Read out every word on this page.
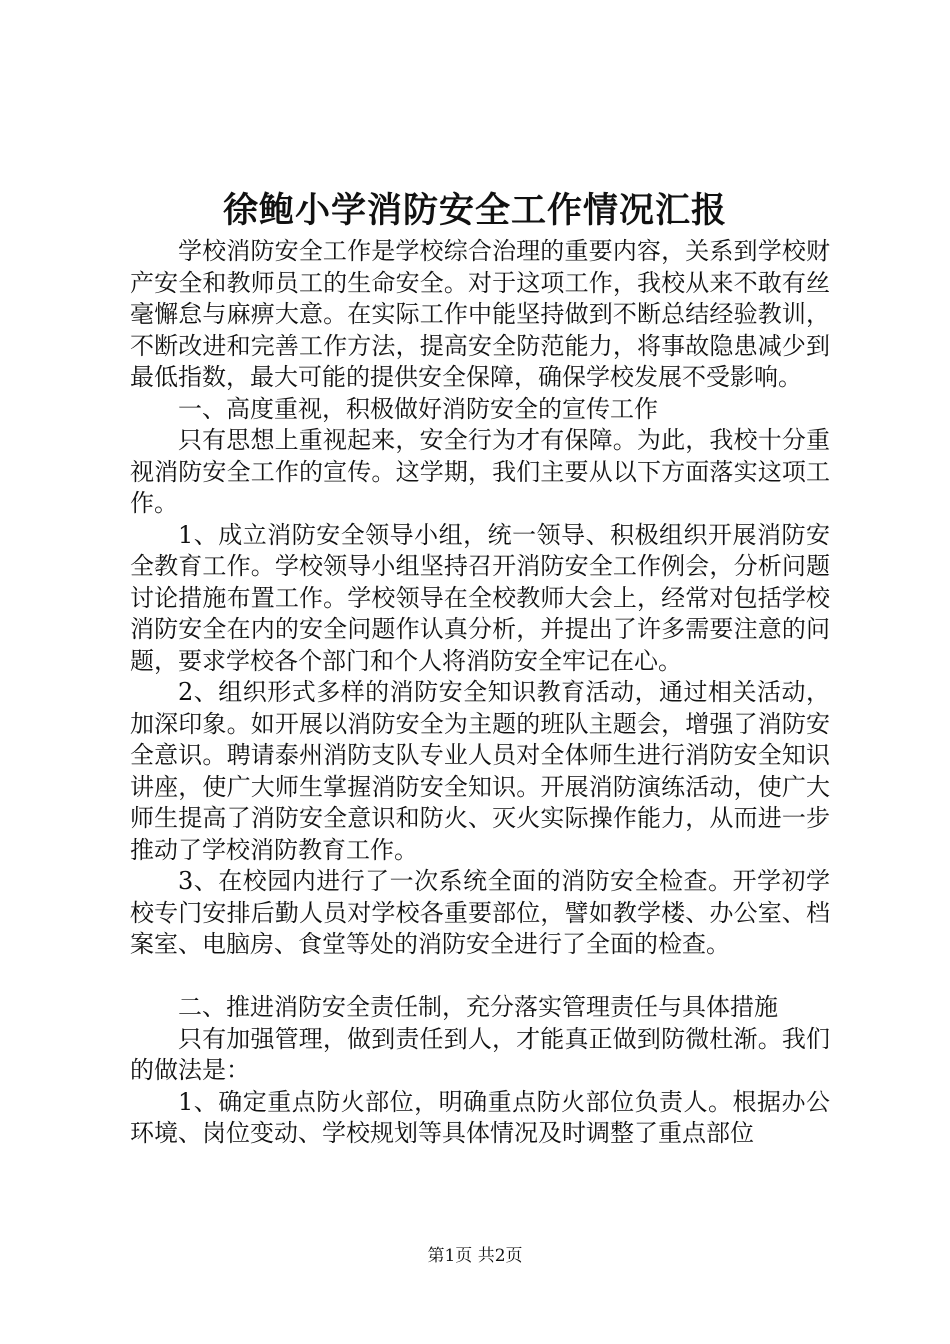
徐鲍小学消防安全工作情况汇报

学校消防安全工作是学校综合治理的重要内容，关系到学校财产安全和教师员工的生命安全。对于这项工作，我校从来不敢有丝毫懈怠与麻痹大意。在实际工作中能坚持做到不断总结经验教训，不断改进和完善工作方法，提高安全防范能力，将事故隐患减少到最低指数，最大可能的提供安全保障，确保学校发展不受影响。

一、高度重视，积极做好消防安全的宣传工作

只有思想上重视起来，安全行为才有保障。为此，我校十分重视消防安全工作的宣传。这学期，我们主要从以下方面落实这项工作。

1、成立消防安全领导小组，统一领导、积极组织开展消防安全教育工作。学校领导小组坚持召开消防安全工作例会，分析问题讨论措施布置工作。学校领导在全校教师大会上，经常对包括学校消防安全在内的安全问题作认真分析，并提出了许多需要注意的问题，要求学校各个部门和个人将消防安全牢记在心。

2、组织形式多样的消防安全知识教育活动，通过相关活动，加深印象。如开展以消防安全为主题的班队主题会，增强了消防安全意识。聘请泰州消防支队专业人员对全体师生进行消防安全知识讲座，使广大师生掌握消防安全知识。开展消防演练活动，使广大师生提高了消防安全意识和防火、灭火实际操作能力，从而进一步推动了学校消防教育工作。

3、在校园内进行了一次系统全面的消防安全检查。开学初学校专门安排后勤人员对学校各重要部位，譬如教学楼、办公室、档案室、电脑房、食堂等处的消防安全进行了全面的检查。

二、推进消防安全责任制，充分落实管理责任与具体措施

只有加强管理，做到责任到人，才能真正做到防微杜渐。我们的做法是：

1、确定重点防火部位，明确重点防火部位负责人。根据办公环境、岗位变动、学校规划等具体情况及时调整了重点部位

第1页 共2页
